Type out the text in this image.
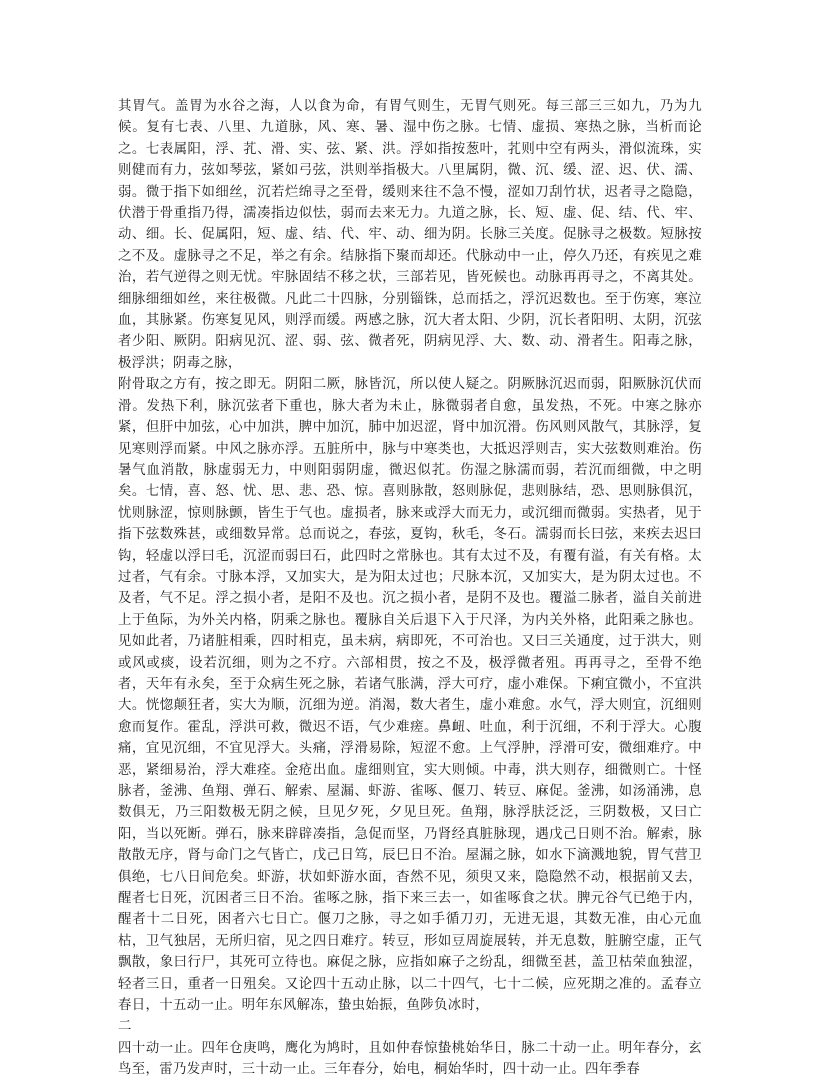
其胃气。盖胃为水谷之海，人以食为命，有胃气则生，无胃气则死。每三部三三如九，乃为九候。复有七表、八里、九道脉，风、寒、暑、湿中伤之脉。七情、虚损、寒热之脉，当析而论之。七表属阳，浮、芤、滑、实、弦、紧、洪。浮如指按葱叶，芤则中空有两头，滑似流珠，实则健而有力，弦如琴弦，紧如弓弦，洪则举指极大。八里属阴，微、沉、缓、涩、迟、伏、濡、弱。微于指下如细丝，沉若烂绵寻之至骨，缓则来往不急不慢，涩如刀刮竹状，迟者寻之隐隐，伏潜于骨重指乃得，濡凑指边似怯，弱而去来无力。九道之脉，长、短、虚、促、结、代、牢、动、细。长、促属阳，短、虚、结、代、牢、动、细为阴。长脉三关度。促脉寻之极数。短脉按之不及。虚脉寻之不足，举之有余。结脉指下聚而却还。代脉动中一止，停久乃还，有疾见之难治，若气逆得之则无忧。牢脉固结不移之状，三部若见，皆死候也。动脉再再寻之，不离其处。细脉细细如丝，来往极微。凡此二十四脉，分别锱铢，总而括之，浮沉迟数也。至于伤寒，寒泣血，其脉紧。伤寒复见风，则浮而缓。两感之脉，沉大者太阳、少阴，沉长者阳明、太阴，沉弦者少阳、厥阴。阳病见沉、涩、弱、弦、微者死，阴病见浮、大、数、动、滑者生。阳毒之脉，极浮洪；阴毒之脉，

附骨取之方有，按之即无。阴阳二厥，脉皆沉，所以使人疑之。阴厥脉沉迟而弱，阳厥脉沉伏而滑。发热下利，脉沉弦者下重也，脉大者为未止，脉微弱者自愈，虽发热，不死。中寒之脉亦紧，但肝中加弦，心中加洪，脾中加沉，肺中加迟涩，肾中加沉滑。伤风则风散气，其脉浮，复见寒则浮而紧。中风之脉亦浮。五脏所中，脉与中寒类也，大抵迟浮则吉，实大弦数则难治。伤暑气血消散，脉虚弱无力，中则阳弱阴虚，微迟似芤。伤湿之脉濡而弱，若沉而细微，中之明矣。七情，喜、怒、忧、思、悲、恐、惊。喜则脉散，怒则脉促，悲则脉结，恐、思则脉俱沉，忧则脉涩，惊则脉颤，皆生于气也。虚损者，脉来或浮大而无力，或沉细而微弱。实热者，见于指下弦数殊甚，或细数异常。总而说之，春弦，夏钩，秋毛，冬石。濡弱而长曰弦，来疾去迟曰钩，轻虚以浮曰毛，沉涩而弱曰石，此四时之常脉也。其有太过不及，有覆有溢，有关有格。太过者，气有余。寸脉本浮，又加实大，是为阳太过也；尺脉本沉，又加实大，是为阴太过也。不及者，气不足。浮之损小者，是阳不及也。沉之损小者，是阴不及也。覆溢二脉者，溢自关前进上于鱼际，为外关内格，阴乘之脉也。覆脉自关后退下入于尺泽，为内关外格，此阳乘之脉也。见如此者，乃诸脏相乘，四时相克，虽未病，病即死，不可治也。又曰三关通度，过于洪大，则或风或痰，设若沉细，则为之不疗。六部相贯，按之不及，极浮微者殂。再再寻之，至骨不绝者，天年有永矣，至于众病生死之脉，若诸气胀满，浮大可疗，虚小难保。下痢宜微小，不宜洪大。恍惚颠狂者，实大为顺，沉细为逆。消渴，数大者生，虚小难愈。水气，浮大则宜，沉细则愈而复作。霍乱，浮洪可救，微迟不语，气少难瘥。鼻衄、吐血，利于沉细，不利于浮大。心腹痛，宜见沉细，不宜见浮大。头痛，浮滑易除，短涩不愈。上气浮肿，浮滑可安，微细难疗。中恶，紧细易治，浮大难痊。金疮出血。虚细则宜，实大则倾。中毒，洪大则存，细微则亡。十怪脉者，釜沸、鱼翔、弹石、解索、屋漏、虾游、雀啄、偃刀、转豆、麻促。釜沸，如汤涌沸，息数俱无，乃三阳数极无阴之候，旦见夕死，夕见旦死。鱼翔，脉浮肤泛泛，三阴数极，又曰亡阳，当以死断。弹石，脉来辟辟凑指，急促而坚，乃肾经真脏脉现，遇戊己日则不治。解索，脉散散无序，肾与命门之气皆亡，戊己日笃，辰巳日不治。屋漏之脉，如水下滴溅地貌，胃气营卫俱绝，七八日间危矣。虾游，状如虾游水面，杳然不见，须臾又来，隐隐然不动，根据前又去，醒者七日死，沉困者三日不治。雀啄之脉，指下来三去一，如雀啄食之状。脾元谷气已绝于内，醒者十二日死，困者六七日亡。偃刀之脉，寻之如手循刀刃，无进无退，其数无准，由心元血枯，卫气独居，无所归宿，见之四日难疗。转豆，形如豆周旋展转，并无息数，脏腑空虚，正气飘散，象曰行尸，其死可立待也。麻促之脉，应指如麻子之纷乱，细微至甚，盖卫枯荣血独涩，轻者三日，重者一日殂矣。又论四十五动止脉，以二十四气，七十二候，应死期之准的。孟春立春日，十五动一止。明年东风解冻，蛰虫始振，鱼陟负冰时，

二

四十动一止。四年仓庚鸣，鹰化为鸠时，且如仲春惊蛰桃始华日，脉二十动一止。明年春分，玄鸟至，雷乃发声时，三十动一止。三年春分，始电，桐始华时，四十动一止。四年季春
